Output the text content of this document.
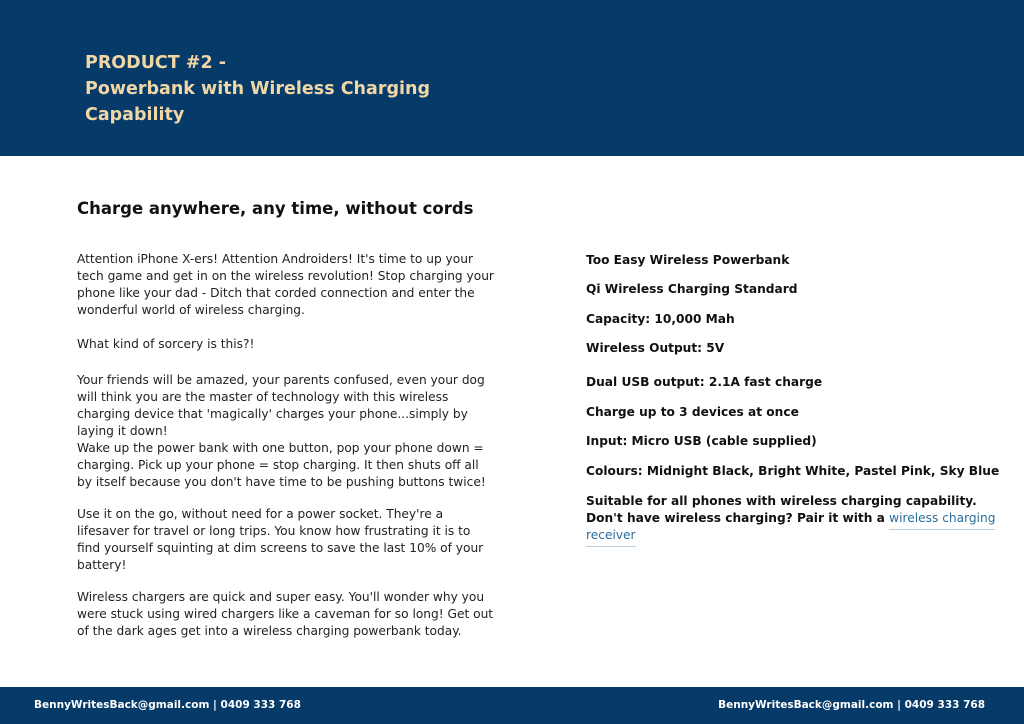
PRODUCT #2 -
Powerbank with Wireless Charging
Capability
Charge anywhere, any time, without cords

Attention iPhone X-ers! Attention Androiders! It's time to up your tech game and get in on the wireless revolution! Stop charging your phone like your dad - Ditch that corded connection and enter the wonderful world of wireless charging.

What kind of sorcery is this?!

Your friends will be amazed, your parents confused, even your dog will think you are the master of technology with this wireless charging device that 'magically' charges your phone...simply by laying it down!

Wake up the power bank with one button, pop your phone down = charging. Pick up your phone = stop charging. It then shuts off all by itself because you don't have time to be pushing buttons twice!

Use it on the go, without need for a power socket. They're a lifesaver for travel or long trips. You know how frustrating it is to find yourself squinting at dim screens to save the last 10% of your battery!

Wireless chargers are quick and super easy. You'll wonder why you were stuck using wired chargers like a caveman for so long! Get out of the dark ages get into a wireless charging powerbank today.

Too Easy Wireless Powerbank
Qi Wireless Charging Standard
Capacity: 10,000 Mah
Wireless Output: 5V
Dual USB output: 2.1A fast charge
Charge up to 3 devices at once
Input: Micro USB (cable supplied)
Colours: Midnight Black, Bright White, Pastel Pink, Sky Blue
Suitable for all phones with wireless charging capability. Don't have wireless charging? Pair it with a wireless charging receiver
BennyWritesBack@gmail.com | 0409 333 768	BennyWritesBack@gmail.com | 0409 333 768
